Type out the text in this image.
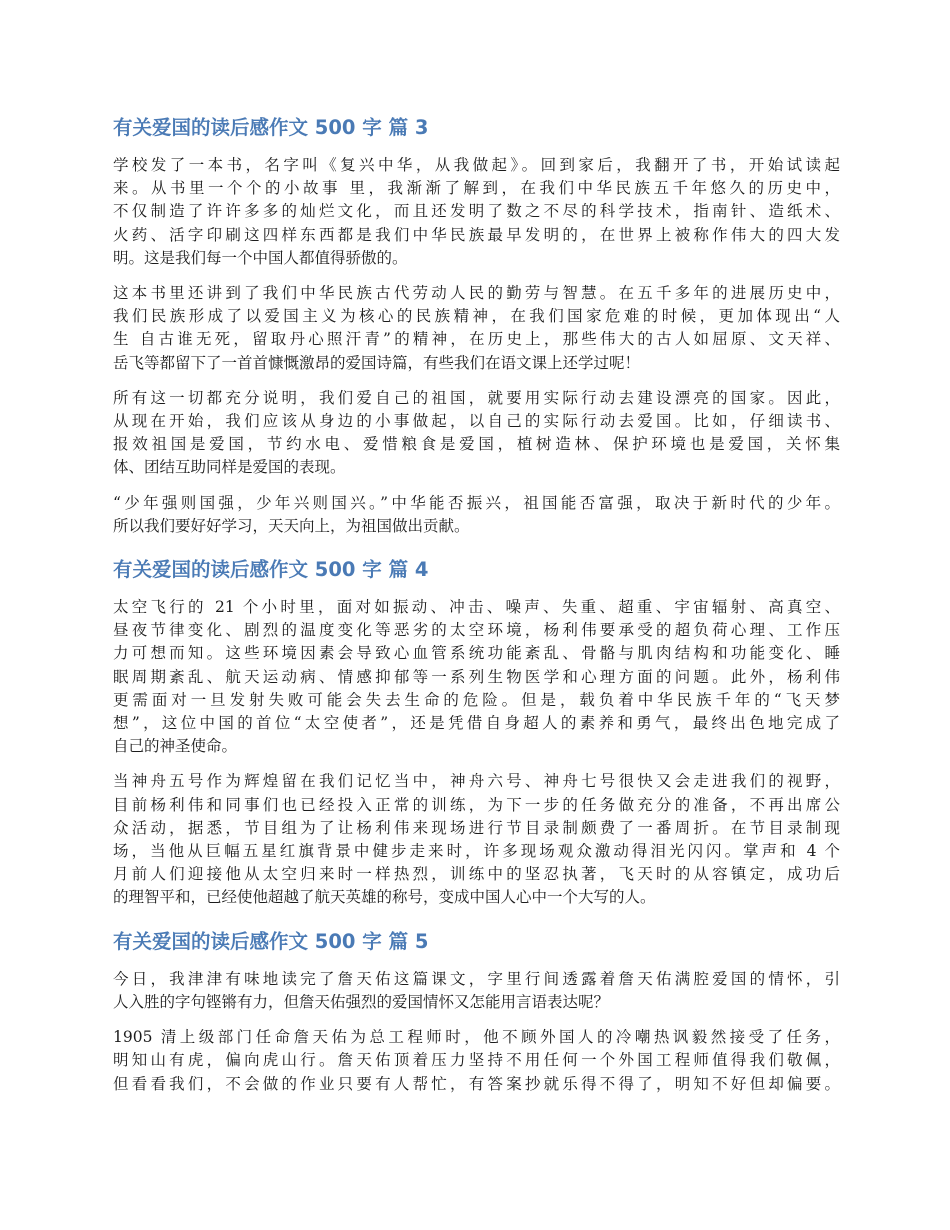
有关爱国的读后感作文 500 字 篇 3

学校发了一本书，名字叫《复兴中华，从我做起》。回到家后，我翻开了书，开始试读起
来。从书里一个个的小故事 里，我渐渐了解到，在我们中华民族五千年悠久的历史中，
不仅制造了许许多多的灿烂文化，而且还发明了数之不尽的科学技术，指南针、造纸术、
火药、活字印刷这四样东西都是我们中华民族最早发明的，在世界上被称作伟大的四大发
明。这是我们每一个中国人都值得骄傲的。

这本书里还讲到了我们中华民族古代劳动人民的勤劳与智慧。在五千多年的进展历史中，
我们民族形成了以爱国主义为核心的民族精神，在我们国家危难的时候，更加体现出“人
生 自古谁无死，留取丹心照汗青”的精神，在历史上，那些伟大的古人如屈原、文天祥、
岳飞等都留下了一首首慷慨激昂的爱国诗篇，有些我们在语文课上还学过呢！

所有这一切都充分说明，我们爱自己的祖国，就要用实际行动去建设漂亮的国家。因此，
从现在开始，我们应该从身边的小事做起，以自己的实际行动去爱国。比如，仔细读书、
报效祖国是爱国，节约水电、爱惜粮食是爱国，植树造林、保护环境也是爱国，关怀集
体、团结互助同样是爱国的表现。

“少年强则国强，少年兴则国兴。”中华能否振兴，祖国能否富强，取决于新时代的少年。
所以我们要好好学习，天天向上，为祖国做出贡献。

有关爱国的读后感作文 500 字 篇 4

太空飞行的 21 个小时里，面对如振动、冲击、噪声、失重、超重、宇宙辐射、高真空、
昼夜节律变化、剧烈的温度变化等恶劣的太空环境，杨利伟要承受的超负荷心理、工作压
力可想而知。这些环境因素会导致心血管系统功能紊乱、骨骼与肌肉结构和功能变化、睡
眠周期紊乱、航天运动病、情感抑郁等一系列生物医学和心理方面的问题。此外，杨利伟
更需面对一旦发射失败可能会失去生命的危险。但是，载负着中华民族千年的“飞天梦
想”，这位中国的首位“太空使者”，还是凭借自身超人的素养和勇气，最终出色地完成了
自己的神圣使命。

当神舟五号作为辉煌留在我们记忆当中，神舟六号、神舟七号很快又会走进我们的视野，
目前杨利伟和同事们也已经投入正常的训练，为下一步的任务做充分的准备，不再出席公
众活动，据悉，节目组为了让杨利伟来现场进行节目录制颇费了一番周折。在节目录制现
场，当他从巨幅五星红旗背景中健步走来时，许多现场观众激动得泪光闪闪。掌声和 4 个
月前人们迎接他从太空归来时一样热烈，训练中的坚忍执著，飞天时的从容镇定，成功后
的理智平和，已经使他超越了航天英雄的称号，变成中国人心中一个大写的人。

有关爱国的读后感作文 500 字 篇 5

今日，我津津有味地读完了詹天佑这篇课文，字里行间透露着詹天佑满腔爱国的情怀，引
人入胜的字句铿锵有力，但詹天佑强烈的爱国情怀又怎能用言语表达呢？

1905 清上级部门任命詹天佑为总工程师时，他不顾外国人的冷嘲热讽毅然接受了任务，
明知山有虎，偏向虎山行。詹天佑顶着压力坚持不用任何一个外国工程师值得我们敬佩，
但看看我们，不会做的作业只要有人帮忙，有答案抄就乐得不得了，明知不好但却偏要。
